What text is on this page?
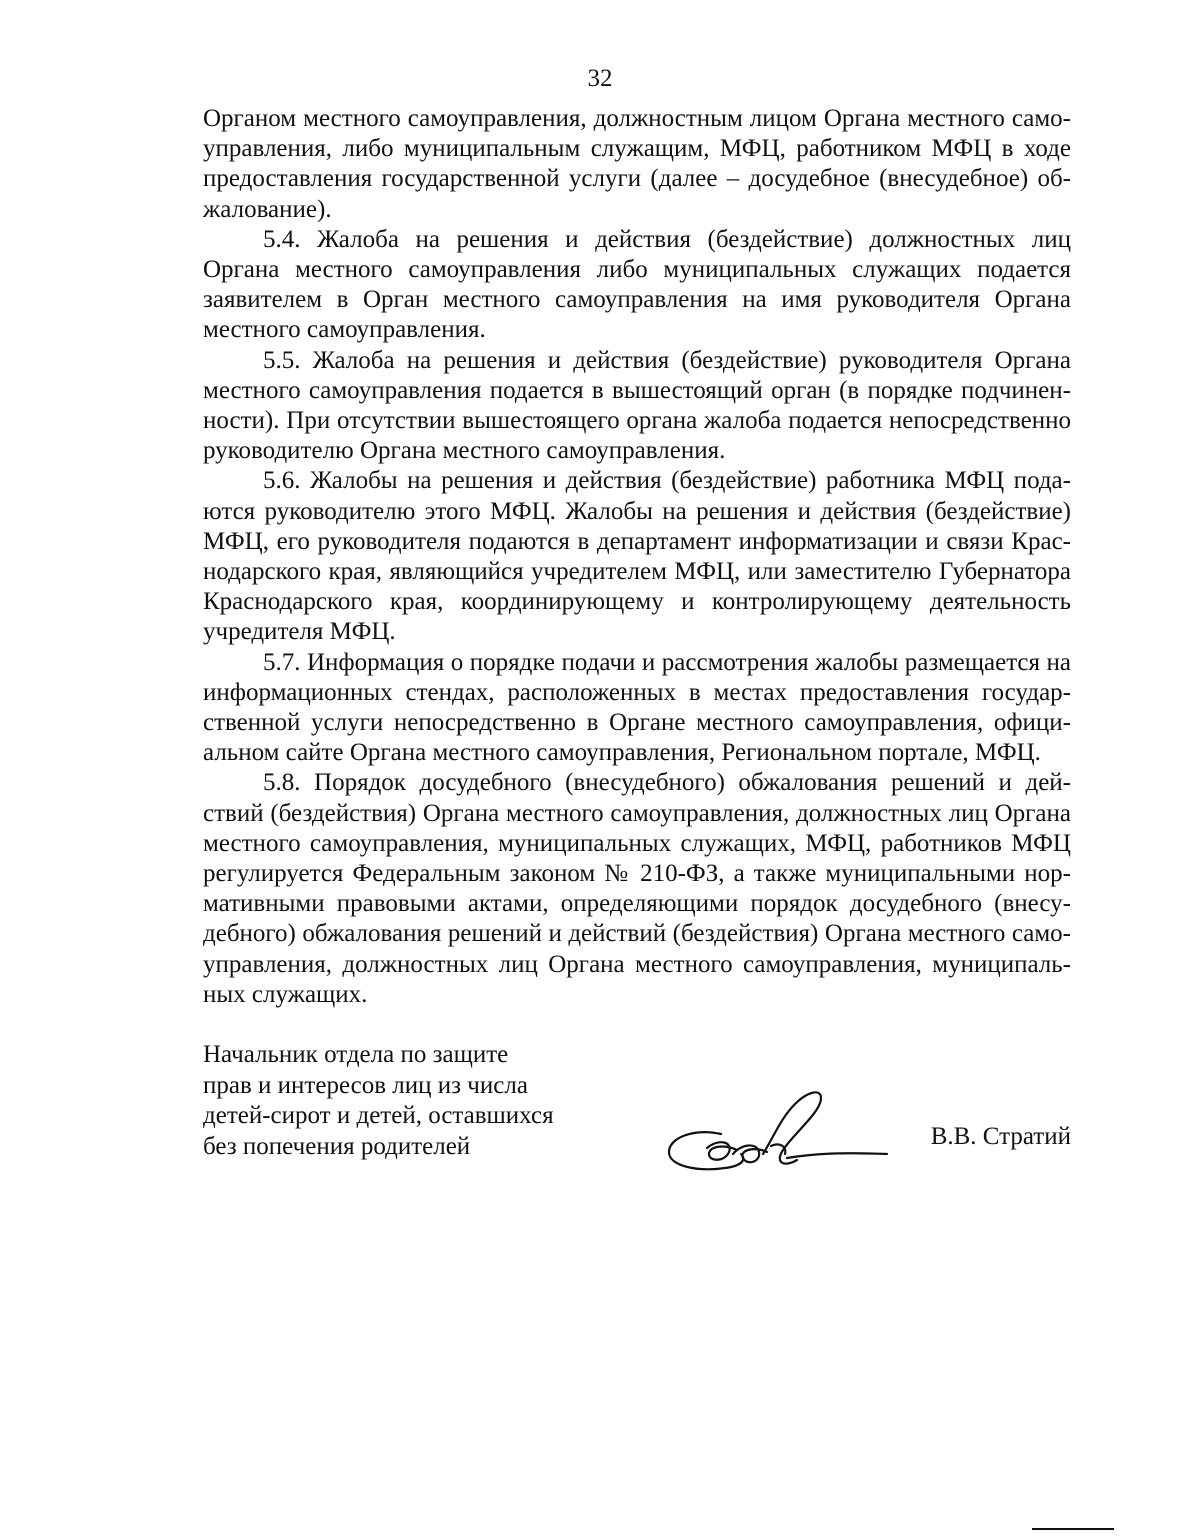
32

Органом местного самоуправления, должностным лицом Органа местного самоуправления, либо муниципальным служащим, МФЦ, работником МФЦ в ходе предоставления государственной услуги (далее – досудебное (внесудебное) обжалование).

5.4. Жалоба на решения и действия (бездействие) должностных лиц Органа местного самоуправления либо муниципальных служащих подается заявителем в Орган местного самоуправления на имя руководителя Органа местного самоуправления.

5.5. Жалоба на решения и действия (бездействие) руководителя Органа местного самоуправления подается в вышестоящий орган (в порядке подчиненности). При отсутствии вышестоящего органа жалоба подается непосредственно руководителю Органа местного самоуправления.

5.6. Жалобы на решения и действия (бездействие) работника МФЦ подаются руководителю этого МФЦ. Жалобы на решения и действия (бездействие) МФЦ, его руководителя подаются в департамент информатизации и связи Краснодарского края, являющийся учредителем МФЦ, или заместителю Губернатора Краснодарского края, координирующему и контролирующему деятельность учредителя МФЦ.

5.7. Информация о порядке подачи и рассмотрения жалобы размещается на информационных стендах, расположенных в местах предоставления государственной услуги непосредственно в Органе местного самоуправления, официальном сайте Органа местного самоуправления, Региональном портале, МФЦ.

5.8. Порядок досудебного (внесудебного) обжалования решений и действий (бездействия) Органа местного самоуправления, должностных лиц Органа местного самоуправления, муниципальных служащих, МФЦ, работников МФЦ регулируется Федеральным законом № 210-ФЗ, а также муниципальными нормативными правовыми актами, определяющими порядок досудебного (внесудебного) обжалования решений и действий (бездействия) Органа местного самоуправления, должностных лиц Органа местного самоуправления, муниципальных служащих.

Начальник отдела по защите
прав и интересов лиц из числа
детей-сирот и детей, оставшихся
без попечения родителей	В.В. Стратий
